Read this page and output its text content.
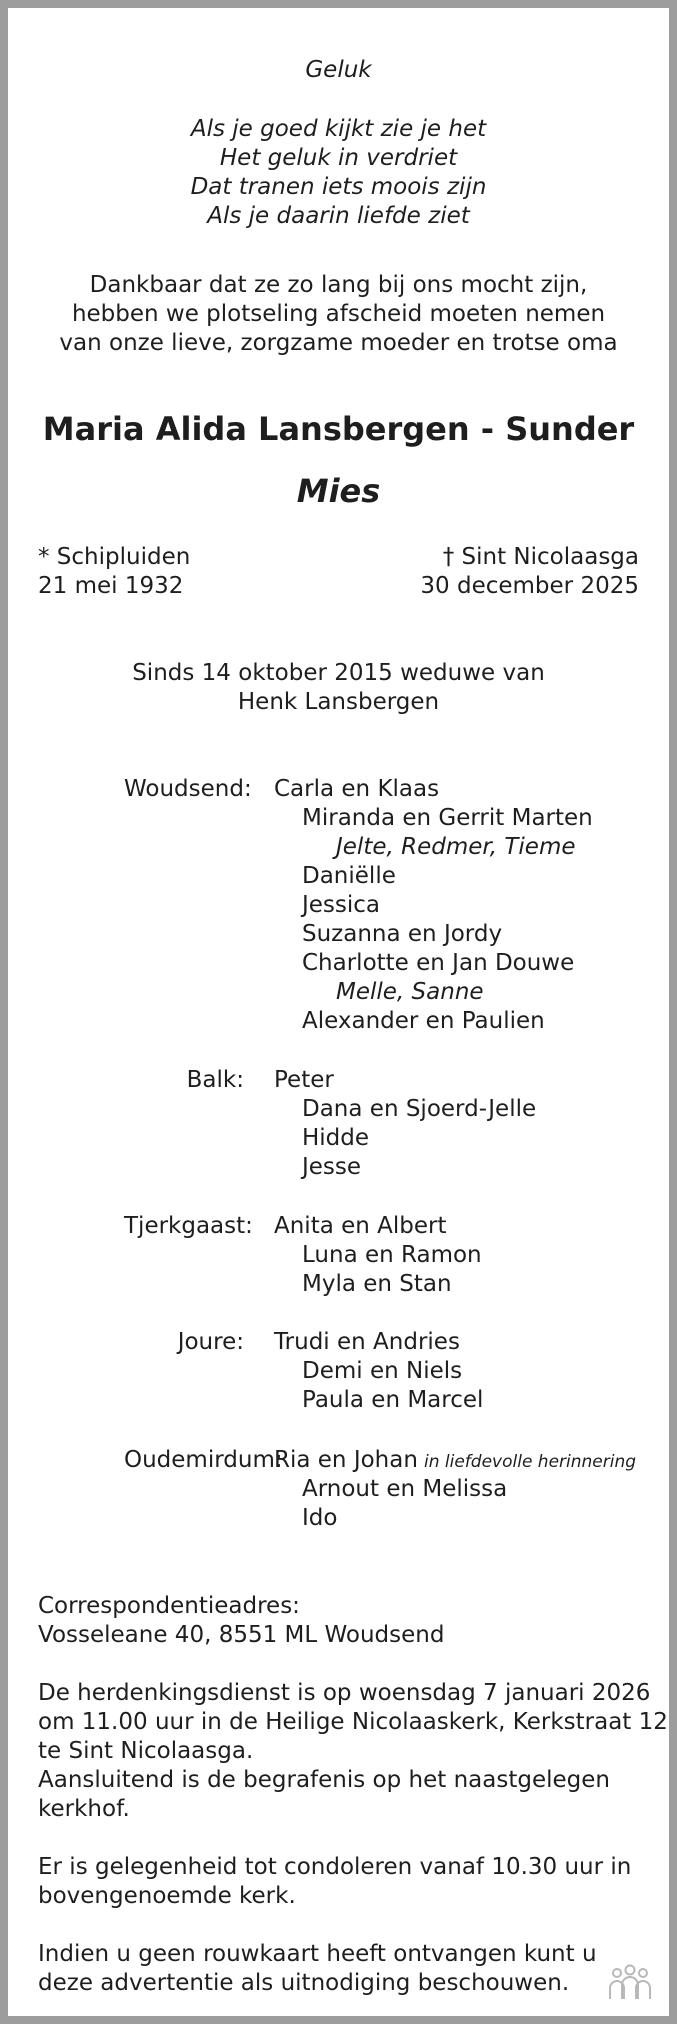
Geluk
Als je goed kijkt zie je het
Het geluk in verdriet
Dat tranen iets moois zijn
Als je daarin liefde ziet
Dankbaar dat ze zo lang bij ons mocht zijn,
hebben we plotseling afscheid moeten nemen
van onze lieve, zorgzame moeder en trotse oma
Maria Alida Lansbergen - Sunder
Mies
* Schipluiden
21 mei 1932
† Sint Nicolaasga
30 december 2025
Sinds 14 oktober 2015 weduwe van
Henk Lansbergen
Woudsend: Carla en Klaas
Miranda en Gerrit Marten
Jelte, Redmer, Tieme
Daniëlle
Jessica
Suzanna en Jordy
Charlotte en Jan Douwe
Melle, Sanne
Alexander en Paulien
Balk: Peter
Dana en Sjoerd-Jelle
Hidde
Jesse
Tjerkgaast: Anita en Albert
Luna en Ramon
Myla en Stan
Joure: Trudi en Andries
Demi en Niels
Paula en Marcel
Oudemirdum:
Ria en Johan in liefdevolle herinnering
Arnout en Melissa
Ido
Correspondentieadres:
Vosseleane 40, 8551 ML Woudsend
De herdenkingsdienst is op woensdag 7 januari 2026
om 11.00 uur in de Heilige Nicolaaskerk, Kerkstraat 12
te Sint Nicolaasga.
Aansluitend is de begrafenis op het naastgelegen
kerkhof.
Er is gelegenheid tot condoleren vanaf 10.30 uur in
bovengenoemde kerk.
Indien u geen rouwkaart heeft ontvangen kunt u
deze advertentie als uitnodiging beschouwen.
